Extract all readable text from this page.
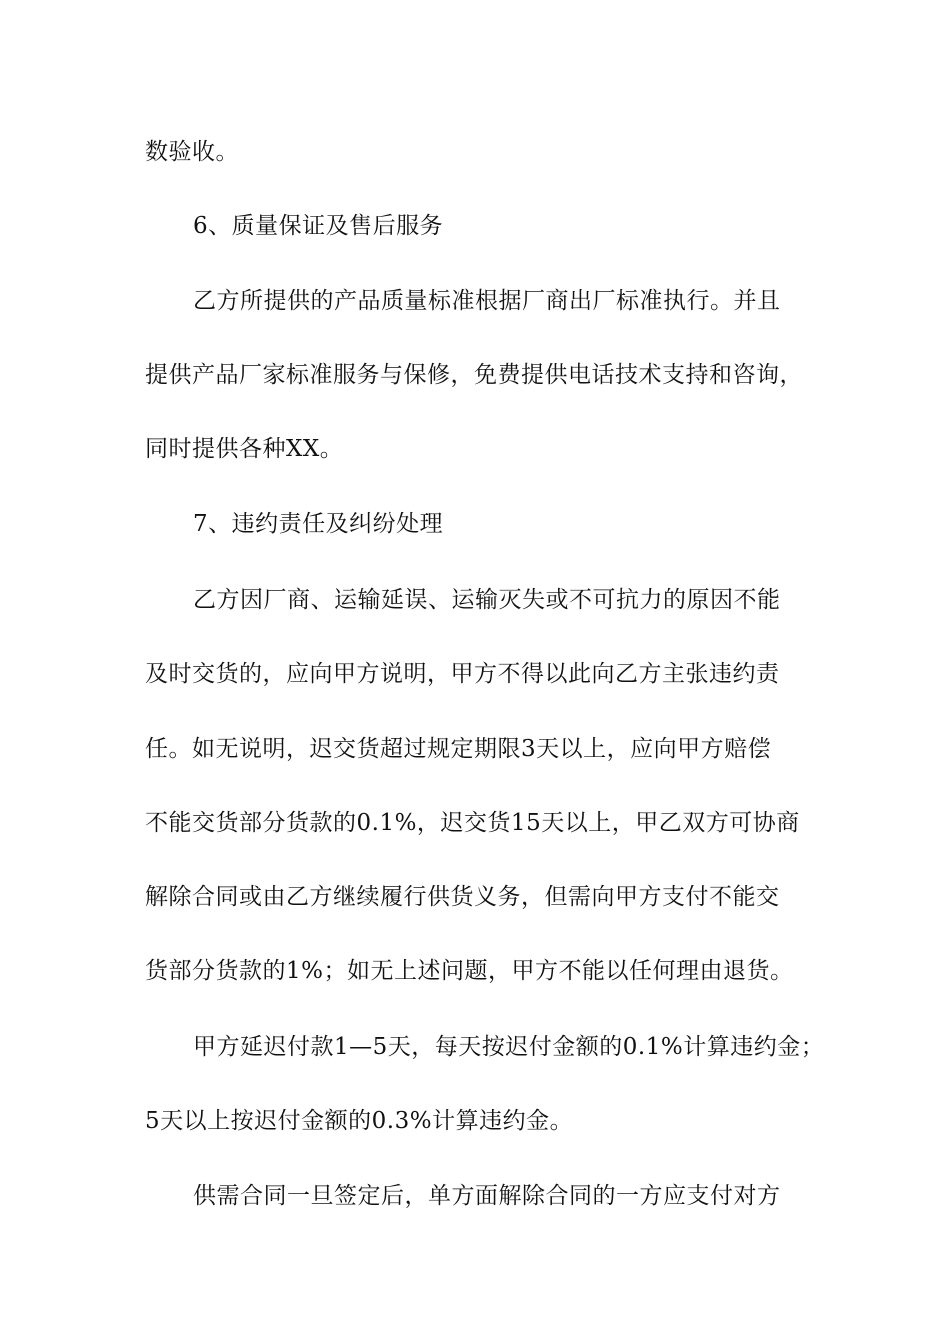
数验收。
6、质量保证及售后服务
乙方所提供的产品质量标准根据厂商出厂标准执行。并且
提供产品厂家标准服务与保修，免费提供电话技术支持和咨询，
同时提供各种XX。
7、违约责任及纠纷处理
乙方因厂商、运输延误、运输灭失或不可抗力的原因不能
及时交货的，应向甲方说明，甲方不得以此向乙方主张违约责
任。如无说明，迟交货超过规定期限3天以上，应向甲方赔偿
不能交货部分货款的0.1%，迟交货15天以上，甲乙双方可协商
解除合同或由乙方继续履行供货义务，但需向甲方支付不能交
货部分货款的1%；如无上述问题，甲方不能以任何理由退货。
甲方延迟付款1—5天，每天按迟付金额的0.1%计算违约金；
5天以上按迟付金额的0.3%计算违约金。
供需合同一旦签定后，单方面解除合同的一方应支付对方
